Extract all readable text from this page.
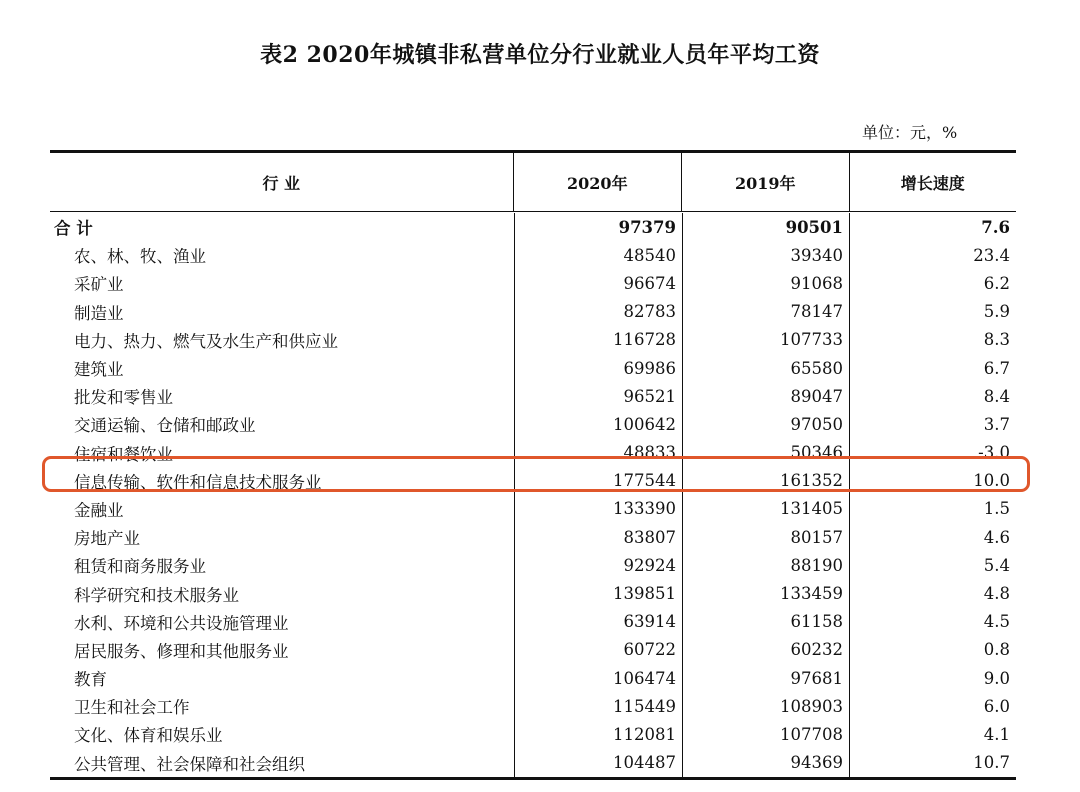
表2 2020年城镇非私营单位分行业就业人员年平均工资
单位：元，%
行 业	2020年	2019年	增长速度
合 计	97379	90501	7.6
农、林、牧、渔业	48540	39340	23.4
采矿业	96674	91068	6.2
制造业	82783	78147	5.9
电力、热力、燃气及水生产和供应业	116728	107733	8.3
建筑业	69986	65580	6.7
批发和零售业	96521	89047	8.4
交通运输、仓储和邮政业	100642	97050	3.7
住宿和餐饮业	48833	50346	-3.0
信息传输、软件和信息技术服务业	177544	161352	10.0
金融业	133390	131405	1.5
房地产业	83807	80157	4.6
租赁和商务服务业	92924	88190	5.4
科学研究和技术服务业	139851	133459	4.8
水利、环境和公共设施管理业	63914	61158	4.5
居民服务、修理和其他服务业	60722	60232	0.8
教育	106474	97681	9.0
卫生和社会工作	115449	108903	6.0
文化、体育和娱乐业	112081	107708	4.1
公共管理、社会保障和社会组织	104487	94369	10.7
